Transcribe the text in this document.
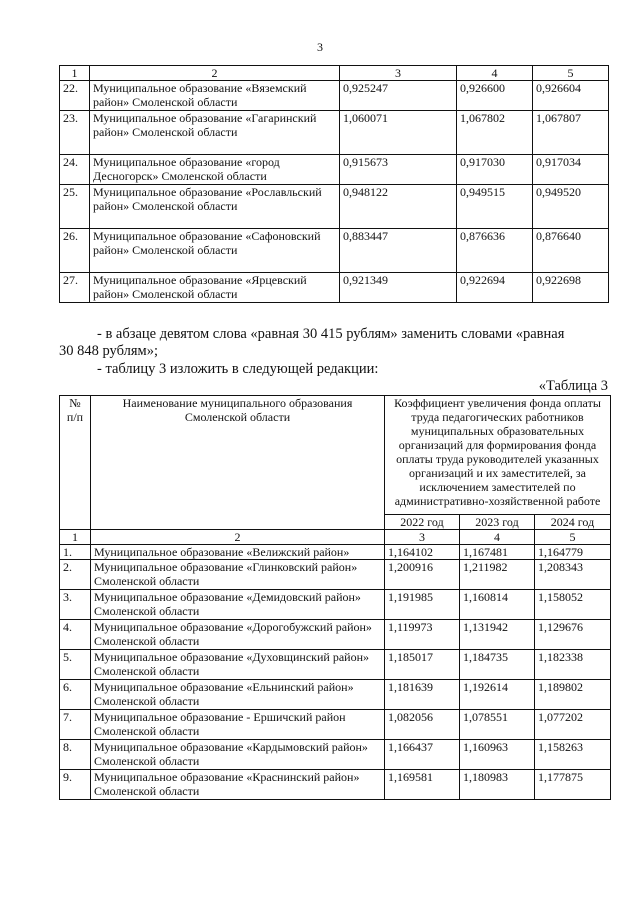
3
1	2	3	4	5
22.	Муниципальное образование «Вяземский район» Смоленской области	0,925247	0,926600	0,926604
23.	Муниципальное образование «Гагаринский район» Смоленской области	1,060071	1,067802	1,067807
24.	Муниципальное образование «город Десногорск» Смоленской области	0,915673	0,917030	0,917034
25.	Муниципальное образование «Рославльский район» Смоленской области	0,948122	0,949515	0,949520
26.	Муниципальное образование «Сафоновский район» Смоленской области	0,883447	0,876636	0,876640
27.	Муниципальное образование «Ярцевский район» Смоленской области	0,921349	0,922694	0,922698
- в абзаце девятом слова «равная 30 415 рублям» заменить словами «равная
30 848 рублям»;
- таблицу 3 изложить в следующей редакции:
«Таблица 3
№ п/п	Наименование муниципального образования Смоленской области	Коэффициент увеличения фонда оплаты труда педагогических работников муниципальных образовательных организаций для формирования фонда оплаты труда руководителей указанных организаций и их заместителей, за исключением заместителей по административно-хозяйственной работе		
		2022 год	2023 год	2024 год
1	2	3	4	5
1.	Муниципальное образование «Велижский район»	1,164102	1,167481	1,164779
2.	Муниципальное образование «Глинковский район» Смоленской области	1,200916	1,211982	1,208343
3.	Муниципальное образование «Демидовский район» Смоленской области	1,191985	1,160814	1,158052
4.	Муниципальное образование «Дорогобужский район» Смоленской области	1,119973	1,131942	1,129676
5.	Муниципальное образование «Духовщинский район» Смоленской области	1,185017	1,184735	1,182338
6.	Муниципальное образование «Ельнинский район» Смоленской области	1,181639	1,192614	1,189802
7.	Муниципальное образование - Ершичский район Смоленской области	1,082056	1,078551	1,077202
8.	Муниципальное образование «Кардымовский район» Смоленской области	1,166437	1,160963	1,158263
9.	Муниципальное образование «Краснинский район» Смоленской области	1,169581	1,180983	1,177875
